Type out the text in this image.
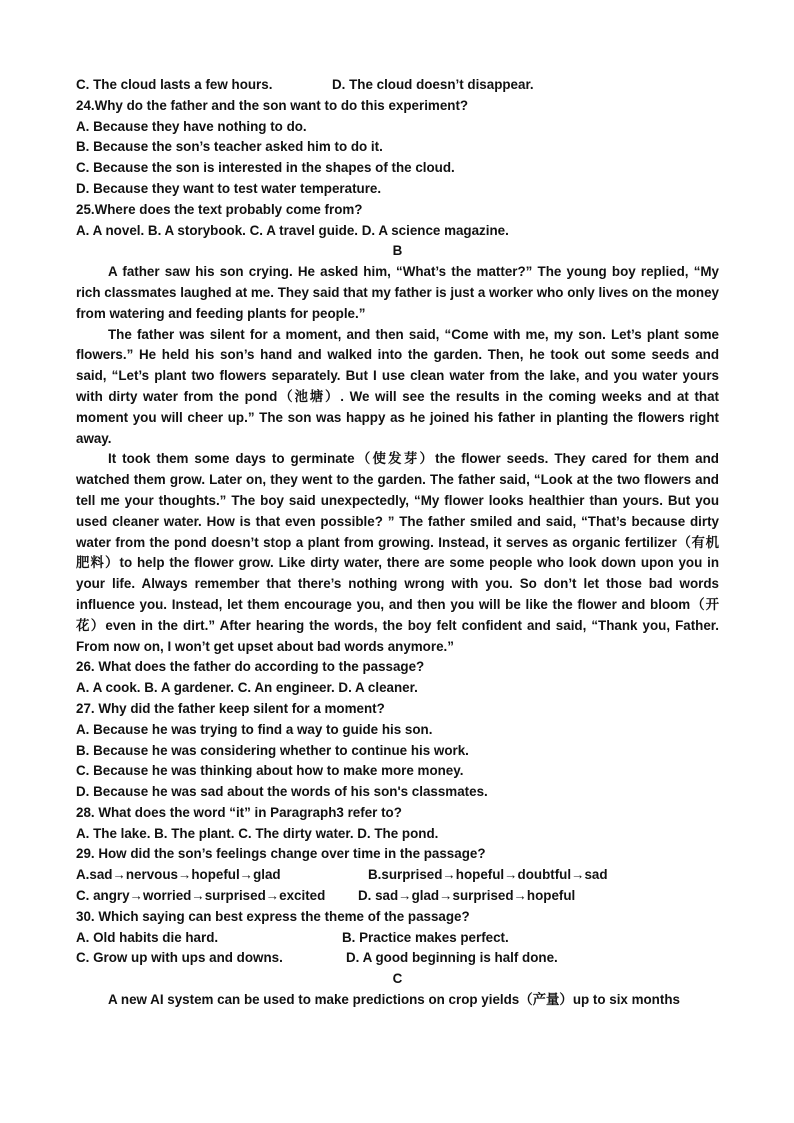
C. The cloud lasts a few hours.	D. The cloud doesn’t disappear.
24.Why do the father and the son want to do this experiment?
A. Because they have nothing to do.
B. Because the son’s teacher asked him to do it.
C. Because the son is interested in the shapes of the cloud.
D. Because they want to test water temperature.
25.Where does the text probably come from?
A. A novel. B. A storybook. C. A travel guide. D. A science magazine.
B

A father saw his son crying. He asked him, “What’s the matter?” The young boy replied, “My rich classmates laughed at me. They said that my father is just a worker who only lives on the money from watering and feeding plants for people.”

The father was silent for a moment, and then said, “Come with me, my son. Let’s plant some flowers.” He held his son’s hand and walked into the garden. Then, he took out some seeds and said, “Let’s plant two flowers separately. But I use clean water from the lake, and you water yours with dirty water from the pond（池塘）. We will see the results in the coming weeks and at that moment you will cheer up.” The son was happy as he joined his father in planting the flowers right away.

It took them some days to germinate（使发芽）the flower seeds. They cared for them and watched them grow. Later on, they went to the garden. The father said, “Look at the two flowers and tell me your thoughts.” The boy said unexpectedly, “My flower looks healthier than yours. But you used cleaner water. How is that even possible? ” The father smiled and said, “That’s because dirty water from the pond doesn’t stop a plant from growing. Instead, it serves as organic fertilizer（有机肥料）to help the flower grow. Like dirty water, there are some people who look down upon you in your life. Always remember that there’s nothing wrong with you. So don’t let those bad words influence you. Instead, let them encourage you, and then you will be like the flower and bloom（开花）even in the dirt.” After hearing the words, the boy felt confident and said, “Thank you, Father. From now on, I won’t get upset about bad words anymore.”

26. What does the father do according to the passage?
A. A cook. B. A gardener. C. An engineer. D. A cleaner.
27. Why did the father keep silent for a moment?
A. Because he was trying to find a way to guide his son.
B. Because he was considering whether to continue his work.
C. Because he was thinking about how to make more money.
D. Because he was sad about the words of his son's classmates.
28. What does the word “it” in Paragraph3 refer to?
A. The lake. B. The plant. C. The dirty water. D. The pond.
29. How did the son’s feelings change over time in the passage?
A.sad→nervous→hopeful→glad	B.surprised→hopeful→doubtful→sad
C. angry→worried→surprised→excited	D. sad→glad→surprised→hopeful
30. Which saying can best express the theme of the passage?
A. Old habits die hard.	B. Practice makes perfect.
C. Grow up with ups and downs.	D. A good beginning is half done.
C
A new AI system can be used to make predictions on crop yields（产量）up to six months
